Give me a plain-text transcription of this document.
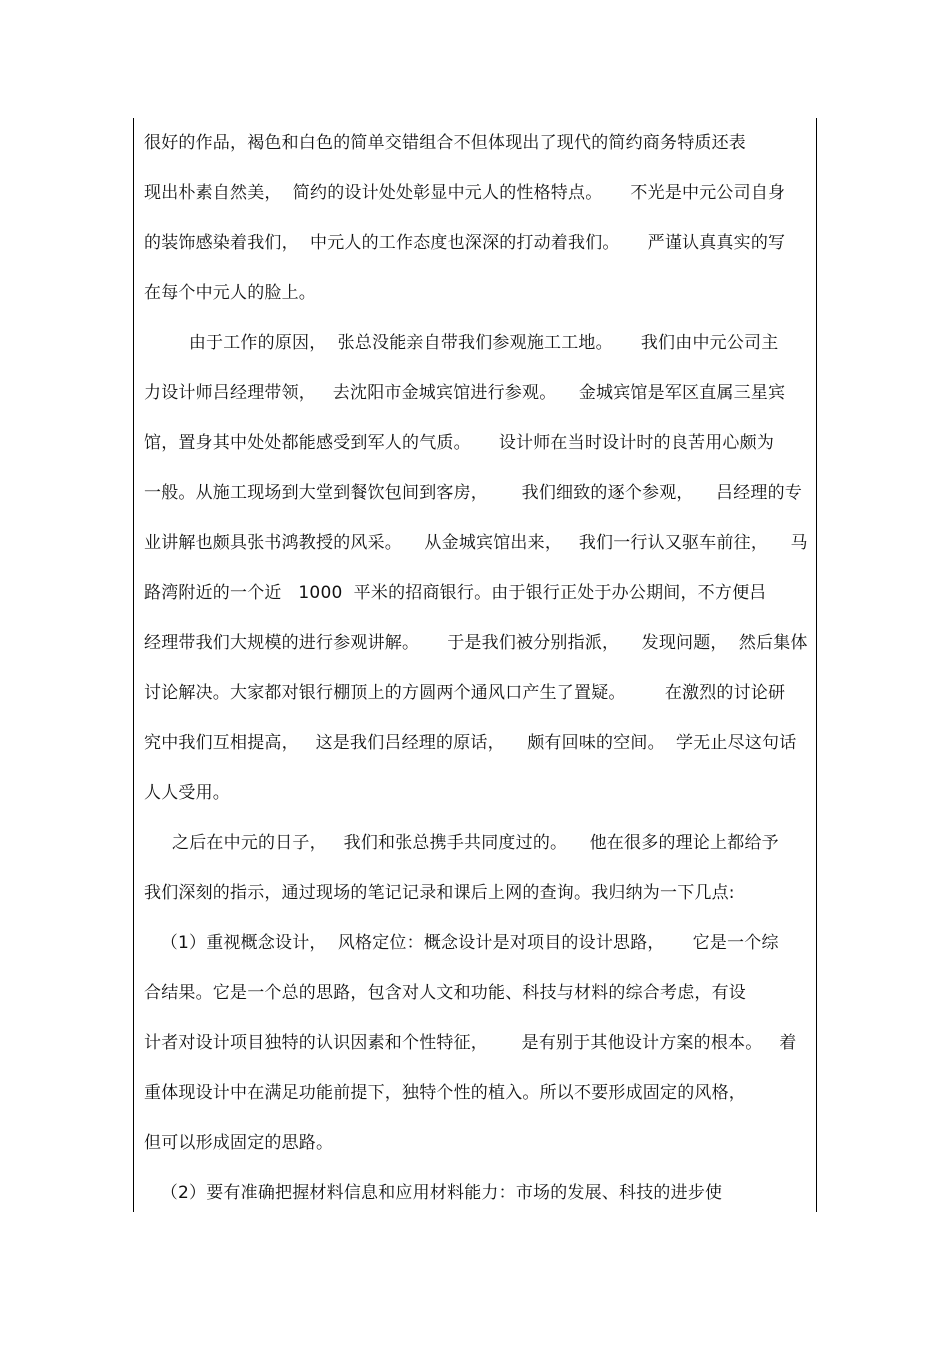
很好的作品，褐色和白色的简单交错组合不但体现出了现代的简约商务特质还表
现出朴素自然美，  简约的设计处处彰显中元人的性格特点。     不光是中元公司自身
的装饰感染着我们，  中元人的工作态度也深深的打动着我们。     严谨认真真实的写
在每个中元人的脸上。
由于工作的原因，  张总没能亲自带我们参观施工工地。     我们由中元公司主
力设计师吕经理带领，   去沈阳市金城宾馆进行参观。    金城宾馆是军区直属三星宾
馆，置身其中处处都能感受到军人的气质。     设计师在当时设计时的良苦用心颇为
一般。从施工现场到大堂到餐饮包间到客房，      我们细致的逐个参观，    吕经理的专
业讲解也颇具张书鸿教授的风采。    从金城宾馆出来，   我们一行认又驱车前往，    马
路湾附近的一个近   1000  平米的招商银行。由于银行正处于办公期间，不方便吕
经理带我们大规模的进行参观讲解。     于是我们被分别指派，    发现问题，  然后集体
讨论解决。大家都对银行棚顶上的方圆两个通风口产生了置疑。       在激烈的讨论研
究中我们互相提高，   这是我们吕经理的原话，    颇有回味的空间。  学无止尽这句话
人人受用。
之后在中元的日子，   我们和张总携手共同度过的。    他在很多的理论上都给予
我们深刻的指示，通过现场的笔记记录和课后上网的查询。我归纳为一下几点:
（1）重视概念设计，  风格定位：概念设计是对项目的设计思路，     它是一个综
合结果。它是一个总的思路，包含对人文和功能、科技与材料的综合考虑，有设
计者对设计项目独特的认识因素和个性特征，      是有别于其他设计方案的根本。   着
重体现设计中在满足功能前提下，独特个性的植入。所以不要形成固定的风格，
但可以形成固定的思路。
（2）要有准确把握材料信息和应用材料能力：市场的发展、科技的进步使
